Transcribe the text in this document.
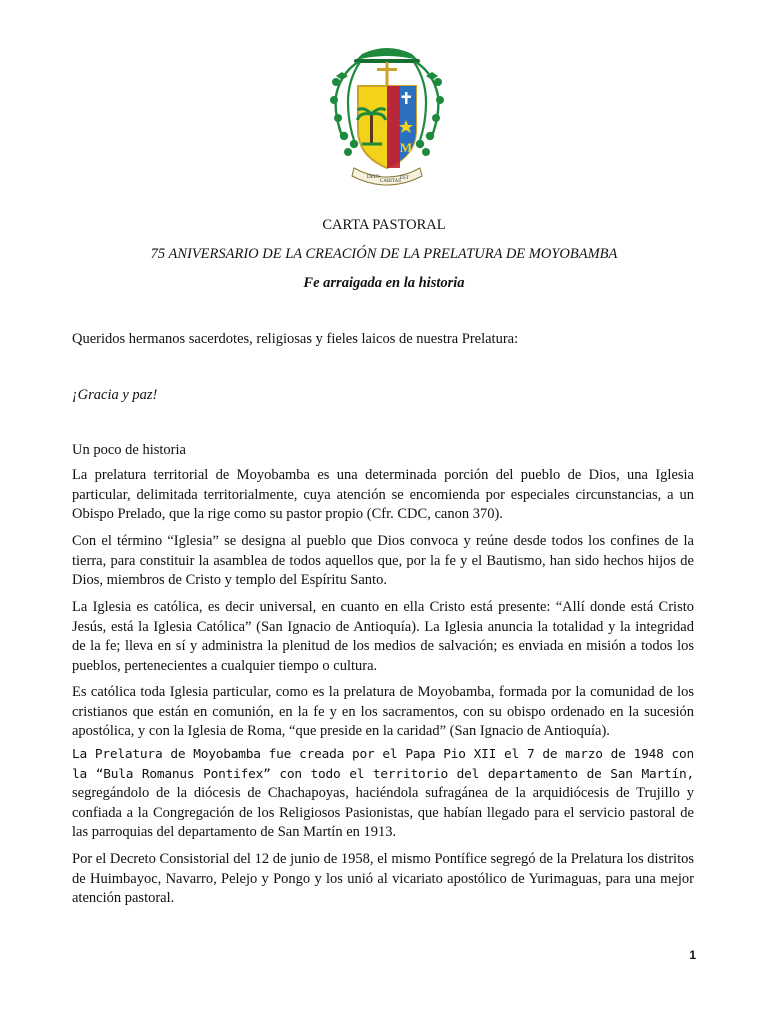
M
DEUS
CARITAS
EST
CARTA PASTORAL
75 ANIVERSARIO DE LA CREACIÓN DE LA PRELATURA DE MOYOBAMBA
Fe arraigada en la historia
Queridos hermanos sacerdotes, religiosas y fieles laicos de nuestra Prelatura:
¡Gracia y paz!
Un poco de historia
La prelatura territorial de Moyobamba es una determinada porción del pueblo de Dios, una Iglesia particular, delimitada territorialmente, cuya atención se encomienda por especiales circunstancias, a un Obispo Prelado, que la rige como su pastor propio (Cfr. CDC, canon 370).
Con el término “Iglesia” se designa al pueblo que Dios convoca y reúne desde todos los confines de la tierra, para constituir la asamblea de todos aquellos que, por la fe y el Bautismo, han sido hechos hijos de Dios, miembros de Cristo y templo del Espíritu Santo.
La Iglesia es católica, es decir universal, en cuanto en ella Cristo está presente: “Allí donde está Cristo Jesús, está la Iglesia Católica” (San Ignacio de Antioquía). La Iglesia anuncia la totalidad y la integridad de la fe; lleva en sí y administra la plenitud de los medios de salvación; es enviada en misión a todos los pueblos, pertenecientes a cualquier tiempo o cultura.
Es católica toda Iglesia particular, como es la prelatura de Moyobamba, formada por la comunidad de los cristianos que están en comunión, en la fe y en los sacramentos, con su obispo ordenado en la sucesión apostólica, y con la Iglesia de Roma, “que preside en la caridad” (San Ignacio de Antioquía).
La Prelatura de Moyobamba fue creada por el Papa Pio XII el 7 de marzo de 1948 con la “Bula Romanus Pontifex” con todo el territorio del departamento de San Martín, segregándolo de la diócesis de Chachapoyas, haciéndola sufragánea de la arquidiócesis de Trujillo y confiada a la Congregación de los Religiosos Pasionistas, que habían llegado para el servicio pastoral de las parroquias del departamento de San Martín en 1913.
Por el Decreto Consistorial del 12 de junio de 1958, el mismo Pontífice segregó de la Prelatura los distritos de Huimbayoc, Navarro, Pelejo y Pongo y los unió al vicariato apostólico de Yurimaguas, para una mejor atención pastoral.
1
